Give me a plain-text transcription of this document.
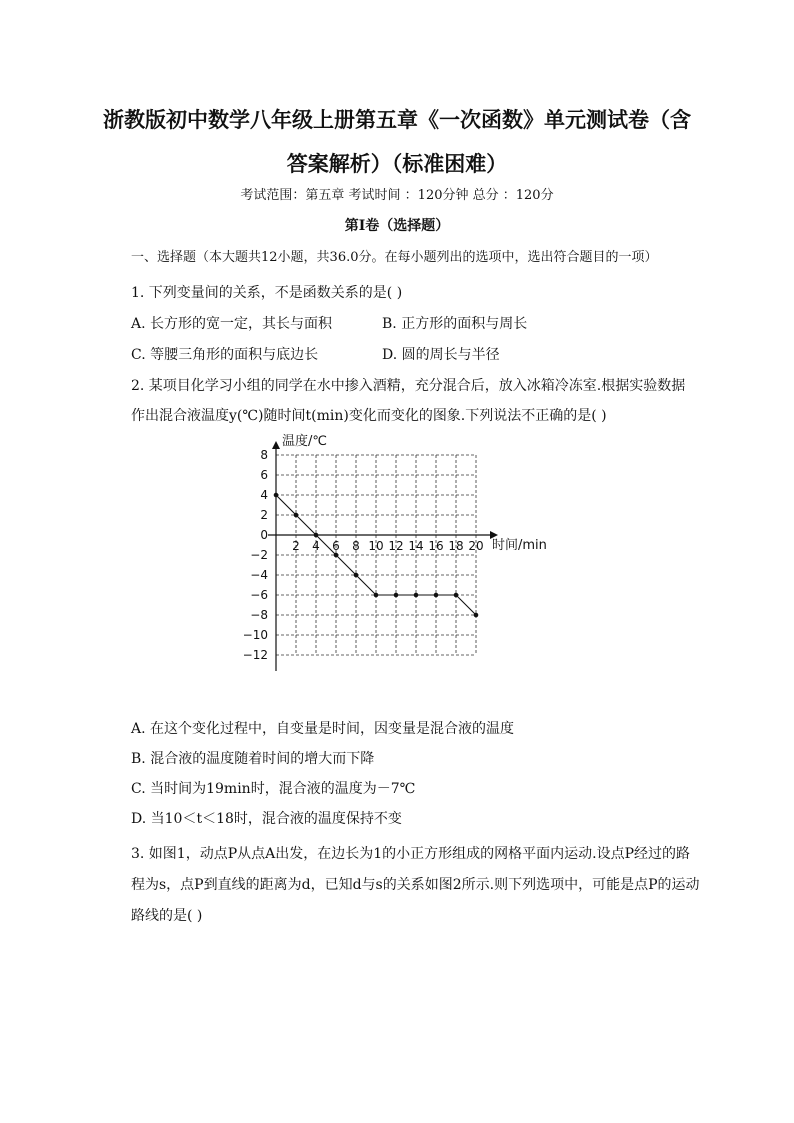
浙教版初中数学八年级上册第五章《一次函数》单元测试卷（含
答案解析）（标准困难）
考试范围：第五章 考试时间 ：120分钟 总分 ：120分
第I卷（选择题）
一、选择题（本大题共12小题，共36.0分。在每小题列出的选项中，选出符合题目的一项）
1. 下列变量间的关系，不是函数关系的是( )
A. 长方形的宽一定，其长与面积	B. 正方形的面积与周长
C. 等腰三角形的面积与底边长	D. 圆的周长与半径
2. 某项目化学习小组的同学在水中掺入酒精，充分混合后，放入冰箱冷冻室.根据实验数据
作出混合液温度y(℃)随时间t(min)变化而变化的图象.下列说法不正确的是( )
2 4 6 8 10 12 14 16 18 20
8
6
4
2
0
−2
−4
−6
−8
−10
−12
温度/℃
时间/min
A. 在这个变化过程中，自变量是时间，因变量是混合液的温度
B. 混合液的温度随着时间的增大而下降
C. 当时间为19min时，混合液的温度为－7℃
D. 当10＜t＜18时，混合液的温度保持不变
3. 如图1，动点P从点A出发，在边长为1的小正方形组成的网格平面内运动.设点P经过的路
程为s，点P到直线的距离为d，已知d与s的关系如图2所示.则下列选项中，可能是点P的运动
路线的是( )
